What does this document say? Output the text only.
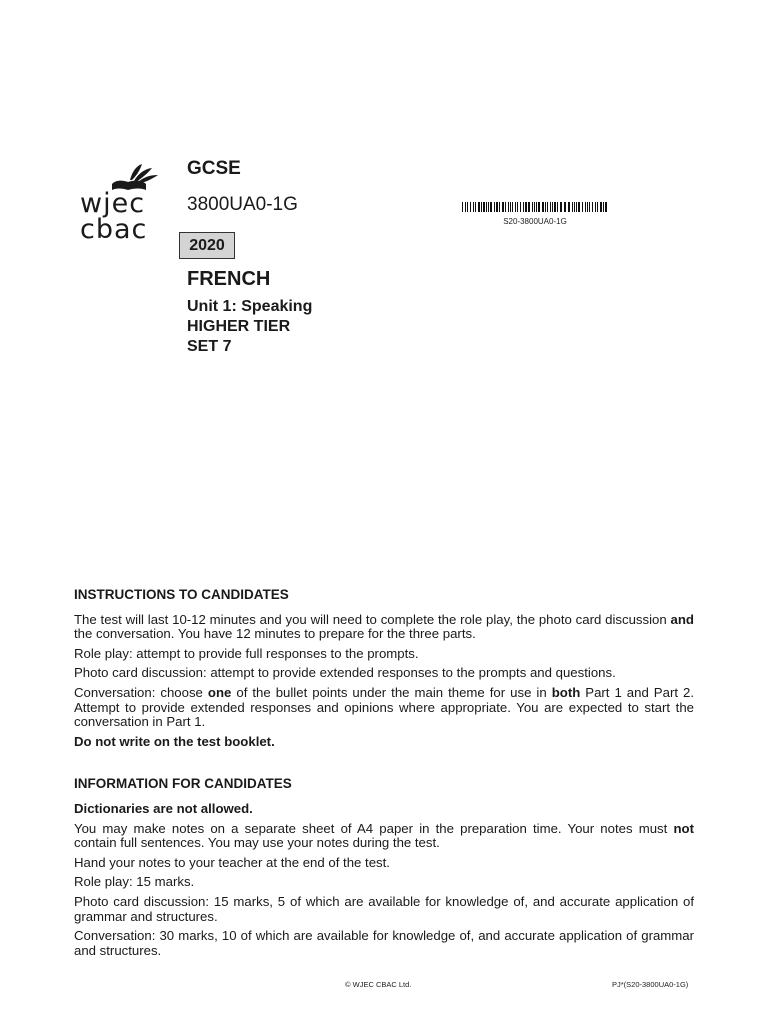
wjec
cbac
GCSE
3800UA0-1G
2020
FRENCH
Unit 1: Speaking
HIGHER TIER
SET 7
S20-3800UA0-1G
INSTRUCTIONS TO CANDIDATES

The test will last 10-12 minutes and you will need to complete the role play, the photo card discussion and the conversation. You have 12 minutes to prepare for the three parts.

Role play: attempt to provide full responses to the prompts.

Photo card discussion: attempt to provide extended responses to the prompts and questions.

Conversation: choose one of the bullet points under the main theme for use in both Part 1 and Part 2. Attempt to provide extended responses and opinions where appropriate. You are expected to start the conversation in Part 1.

Do not write on the test booklet.

INFORMATION FOR CANDIDATES

Dictionaries are not allowed.

You may make notes on a separate sheet of A4 paper in the preparation time. Your notes must not contain full sentences. You may use your notes during the test.

Hand your notes to your teacher at the end of the test.

Role play: 15 marks.

Photo card discussion: 15 marks, 5 of which are available for knowledge of, and accurate application of grammar and structures.

Conversation: 30 marks, 10 of which are available for knowledge of, and accurate application of grammar and structures.

© WJEC CBAC Ltd.	PJ*(S20-3800UA0-1G)
